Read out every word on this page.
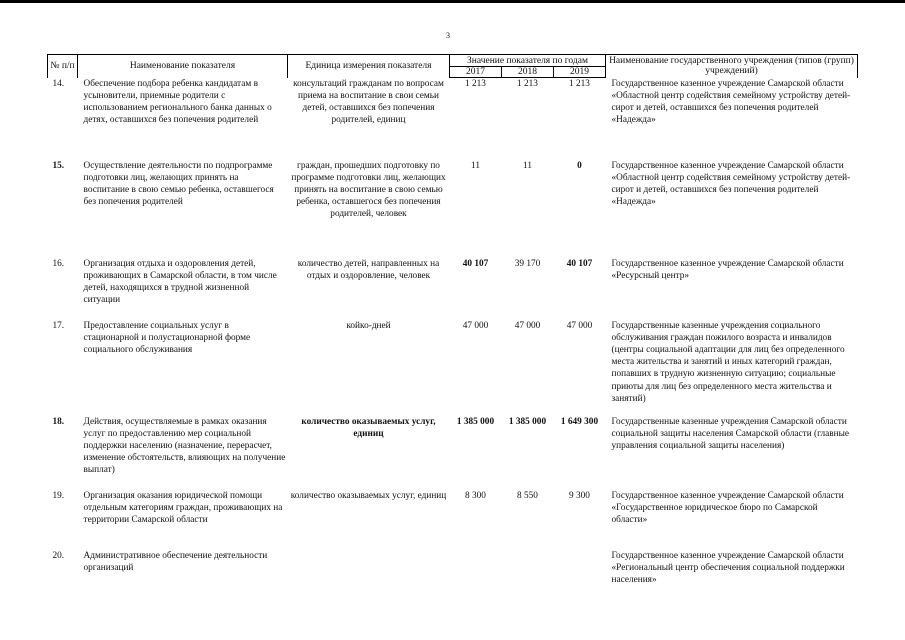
3
№ п/п	Наименование показателя	Единица измерения показателя	Значение показателя по годам			Наименование государственного учреждения (типов (групп) учреждений)
			2017	2018	2019	
14.	Обеспечение подбора ребенка кандидатам в усыновители, приемные родители с использованием регионального банка данных о детях, оставшихся без попечения родителей	консультаций гражданам по вопросам приема на воспитание в свои семьи детей, оставшихся без попечения родителей, единиц	1 213	1 213	1 213	Государственное казенное учреждение Самарской области «Областной центр содействия семейному устройству детей-сирот и детей, оставшихся без попечения родителей «Надежда»
15.	Осуществление деятельности по подпрограмме подготовки лиц, желающих принять на воспитание в свою семью ребенка, оставшегося без попечения родителей	граждан, прошедших подготовку по программе подготовки лиц, желающих принять на воспитание в свою семью ребенка, оставшегося без попечения родителей, человек	11	11	0	Государственное казенное учреждение Самарской области «Областной центр содействия семейному устройству детей-сирот и детей, оставшихся без попечения родителей «Надежда»
16.	Организация отдыха и оздоровления детей, проживающих в Самарской области, в том числе детей, находящихся в трудной жизненной ситуации	количество детей, направленных на отдых и оздоровление, человек	40 107	39 170	40 107	Государственное казенное учреждение Самарской области «Ресурсный центр»
17.	Предоставление социальных услуг в стационарной и полустационарной форме социального обслуживания	койко-дней	47 000	47 000	47 000	Государственные казенные учреждения социального обслуживания граждан пожилого возраста и инвалидов (центры социальной адаптации для лиц без определенного места жительства и занятий и иных категорий граждан, попавших в трудную жизненную ситуацию; социальные приюты для лиц без определенного места жительства и занятий)
18.	Действия, осуществляемые в рамках оказания услуг по предоставлению мер социальной поддержки населению (назначение, перерасчет, изменение обстоятельств, влияющих на получение выплат)	количество оказываемых услуг, единиц	1 385 000	1 385 000	1 649 300	Государственные казенные учреждения Самарской области социальной защиты населения Самарской области (главные управления социальной защиты населения)
19.	Организация оказания юридической помощи отдельным категориям граждан, проживающих на территории Самарской области	количество оказываемых услуг, единиц	8 300	8 550	9 300	Государственное казенное учреждение Самарской области «Государственное юридическое бюро по Самарской области»
20.	Административное обеспечение деятельности организаций					Государственное казенное учреждение Самарской области «Региональный центр обеспечения социальной поддержки населения»
